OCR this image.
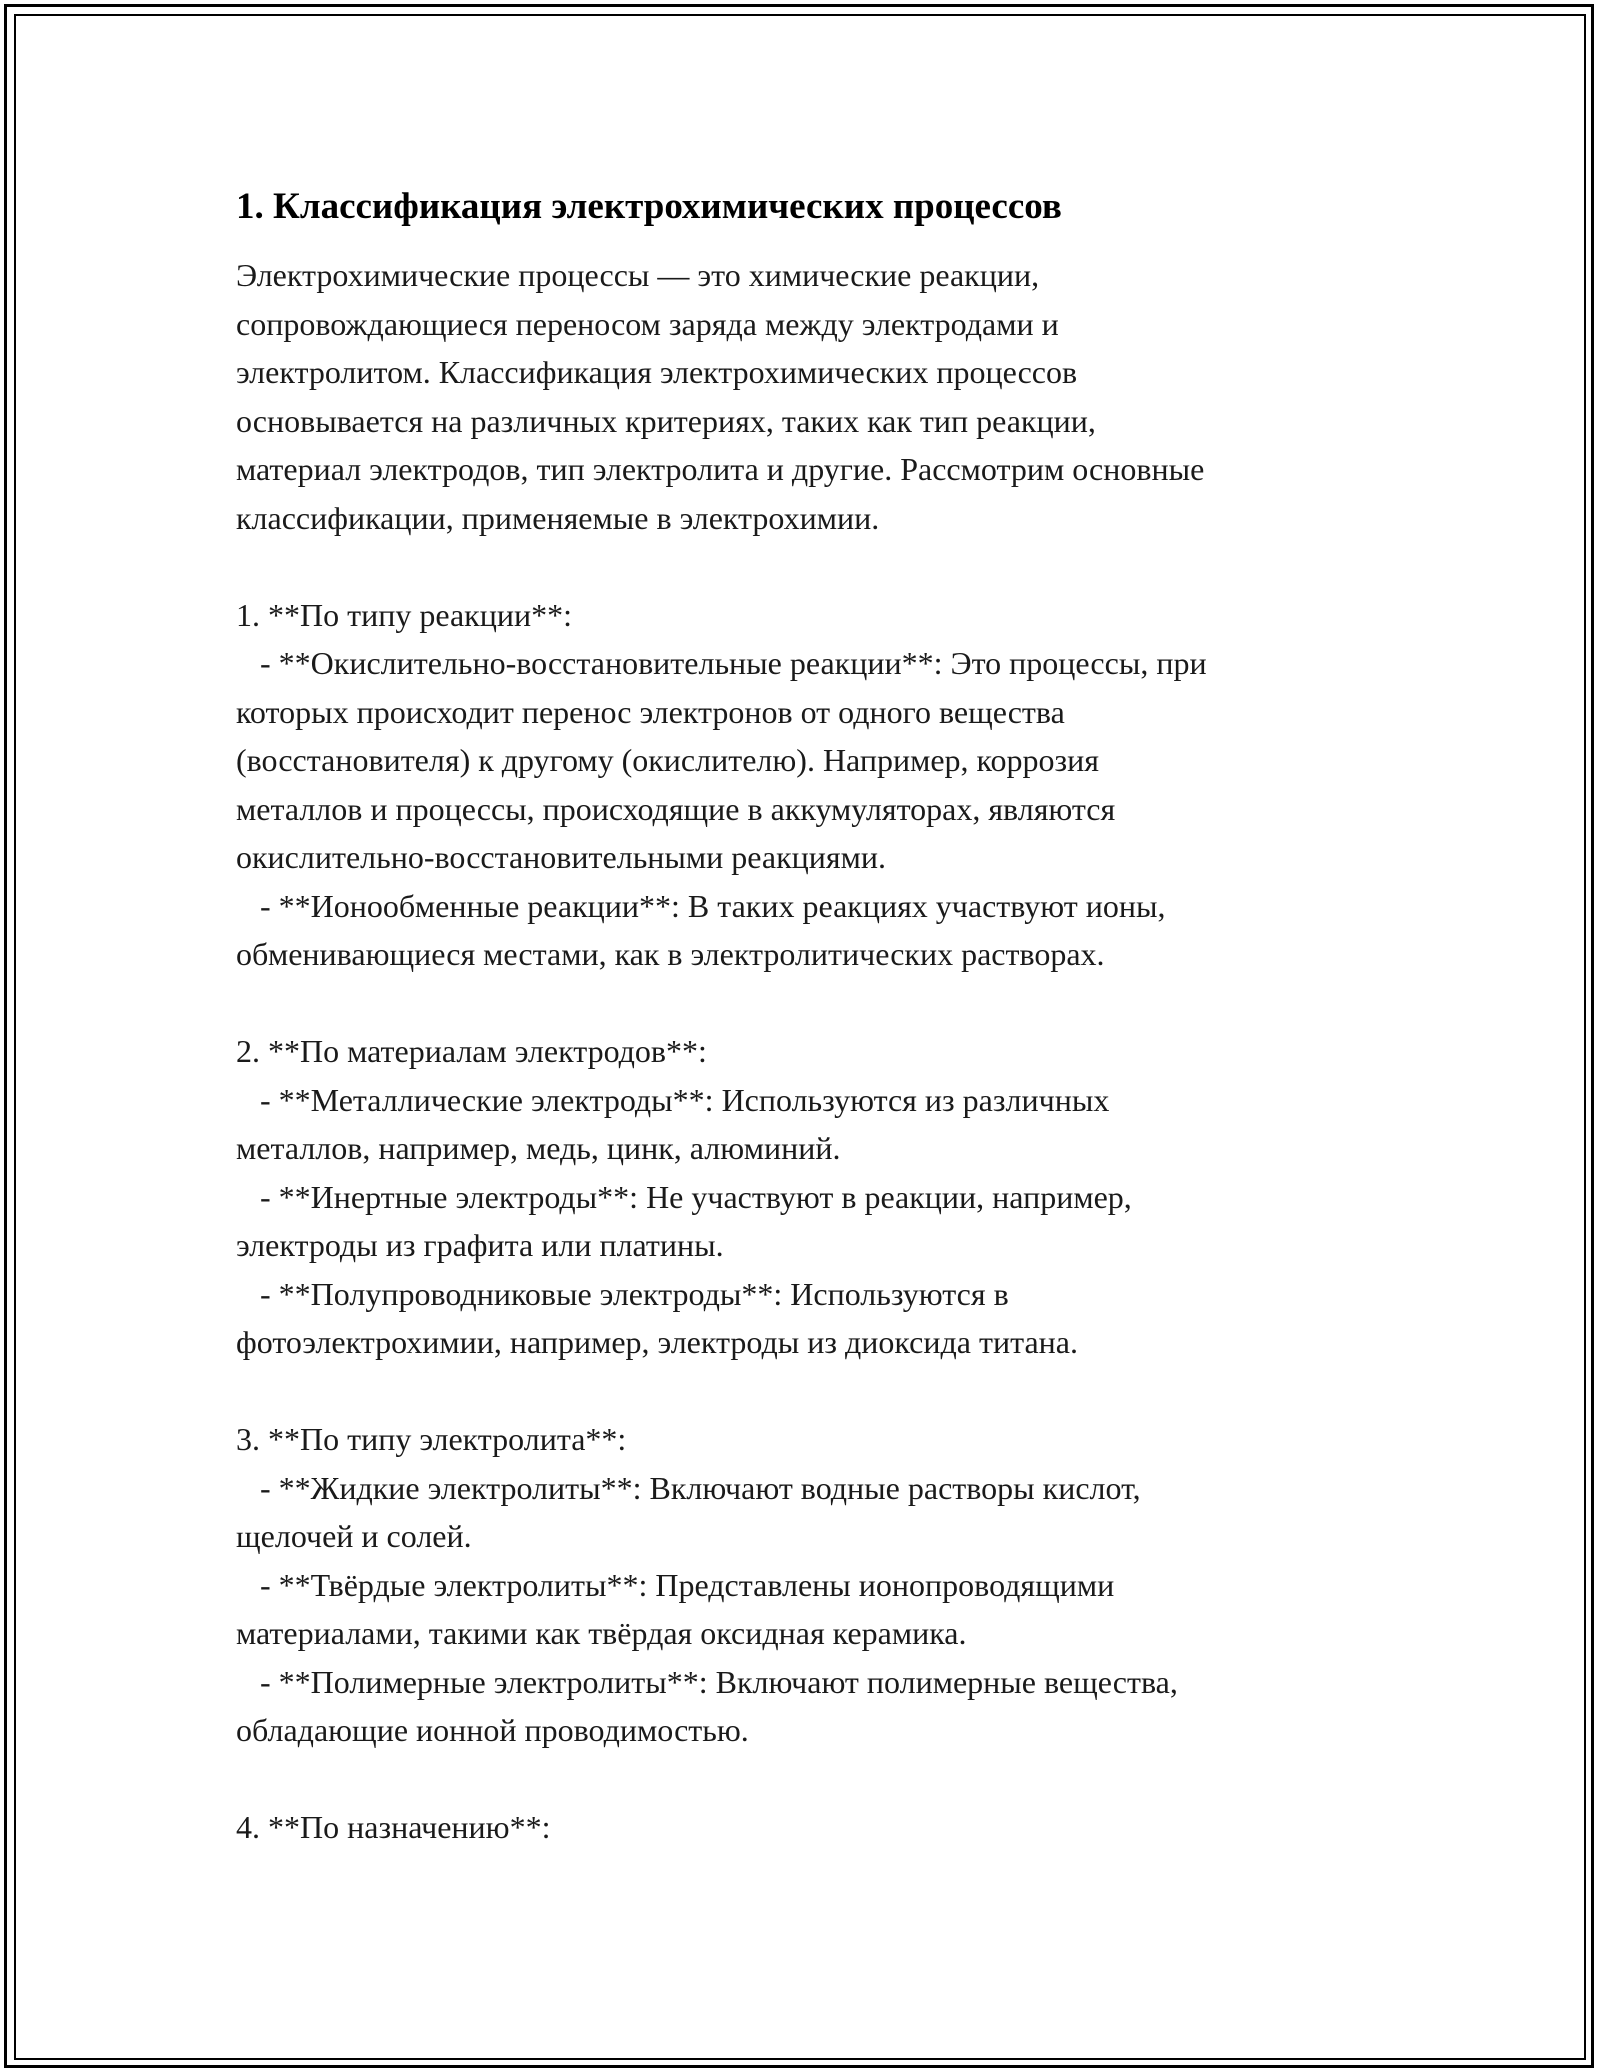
1. Классификация электрохимических процессов

Электрохимические процессы — это химические реакции,
сопровождающиеся переносом заряда между электродами и
электролитом. Классификация электрохимических процессов
основывается на различных критериях, таких как тип реакции,
материал электродов, тип электролита и другие. Рассмотрим основные
классификации, применяемые в электрохимии.

1. **По типу реакции**:
- **Окислительно-восстановительные реакции**: Это процессы, при
которых происходит перенос электронов от одного вещества
(восстановителя) к другому (окислителю). Например, коррозия
металлов и процессы, происходящие в аккумуляторах, являются
окислительно-восстановительными реакциями.
- **Ионообменные реакции**: В таких реакциях участвуют ионы,
обменивающиеся местами, как в электролитических растворах.

2. **По материалам электродов**:
- **Металлические электроды**: Используются из различных
металлов, например, медь, цинк, алюминий.
- **Инертные электроды**: Не участвуют в реакции, например,
электроды из графита или платины.
- **Полупроводниковые электроды**: Используются в
фотоэлектрохимии, например, электроды из диоксида титана.

3. **По типу электролита**:
- **Жидкие электролиты**: Включают водные растворы кислот,
щелочей и солей.
- **Твёрдые электролиты**: Представлены ионопроводящими
материалами, такими как твёрдая оксидная керамика.
- **Полимерные электролиты**: Включают полимерные вещества,
обладающие ионной проводимостью.

4. **По назначению**:
